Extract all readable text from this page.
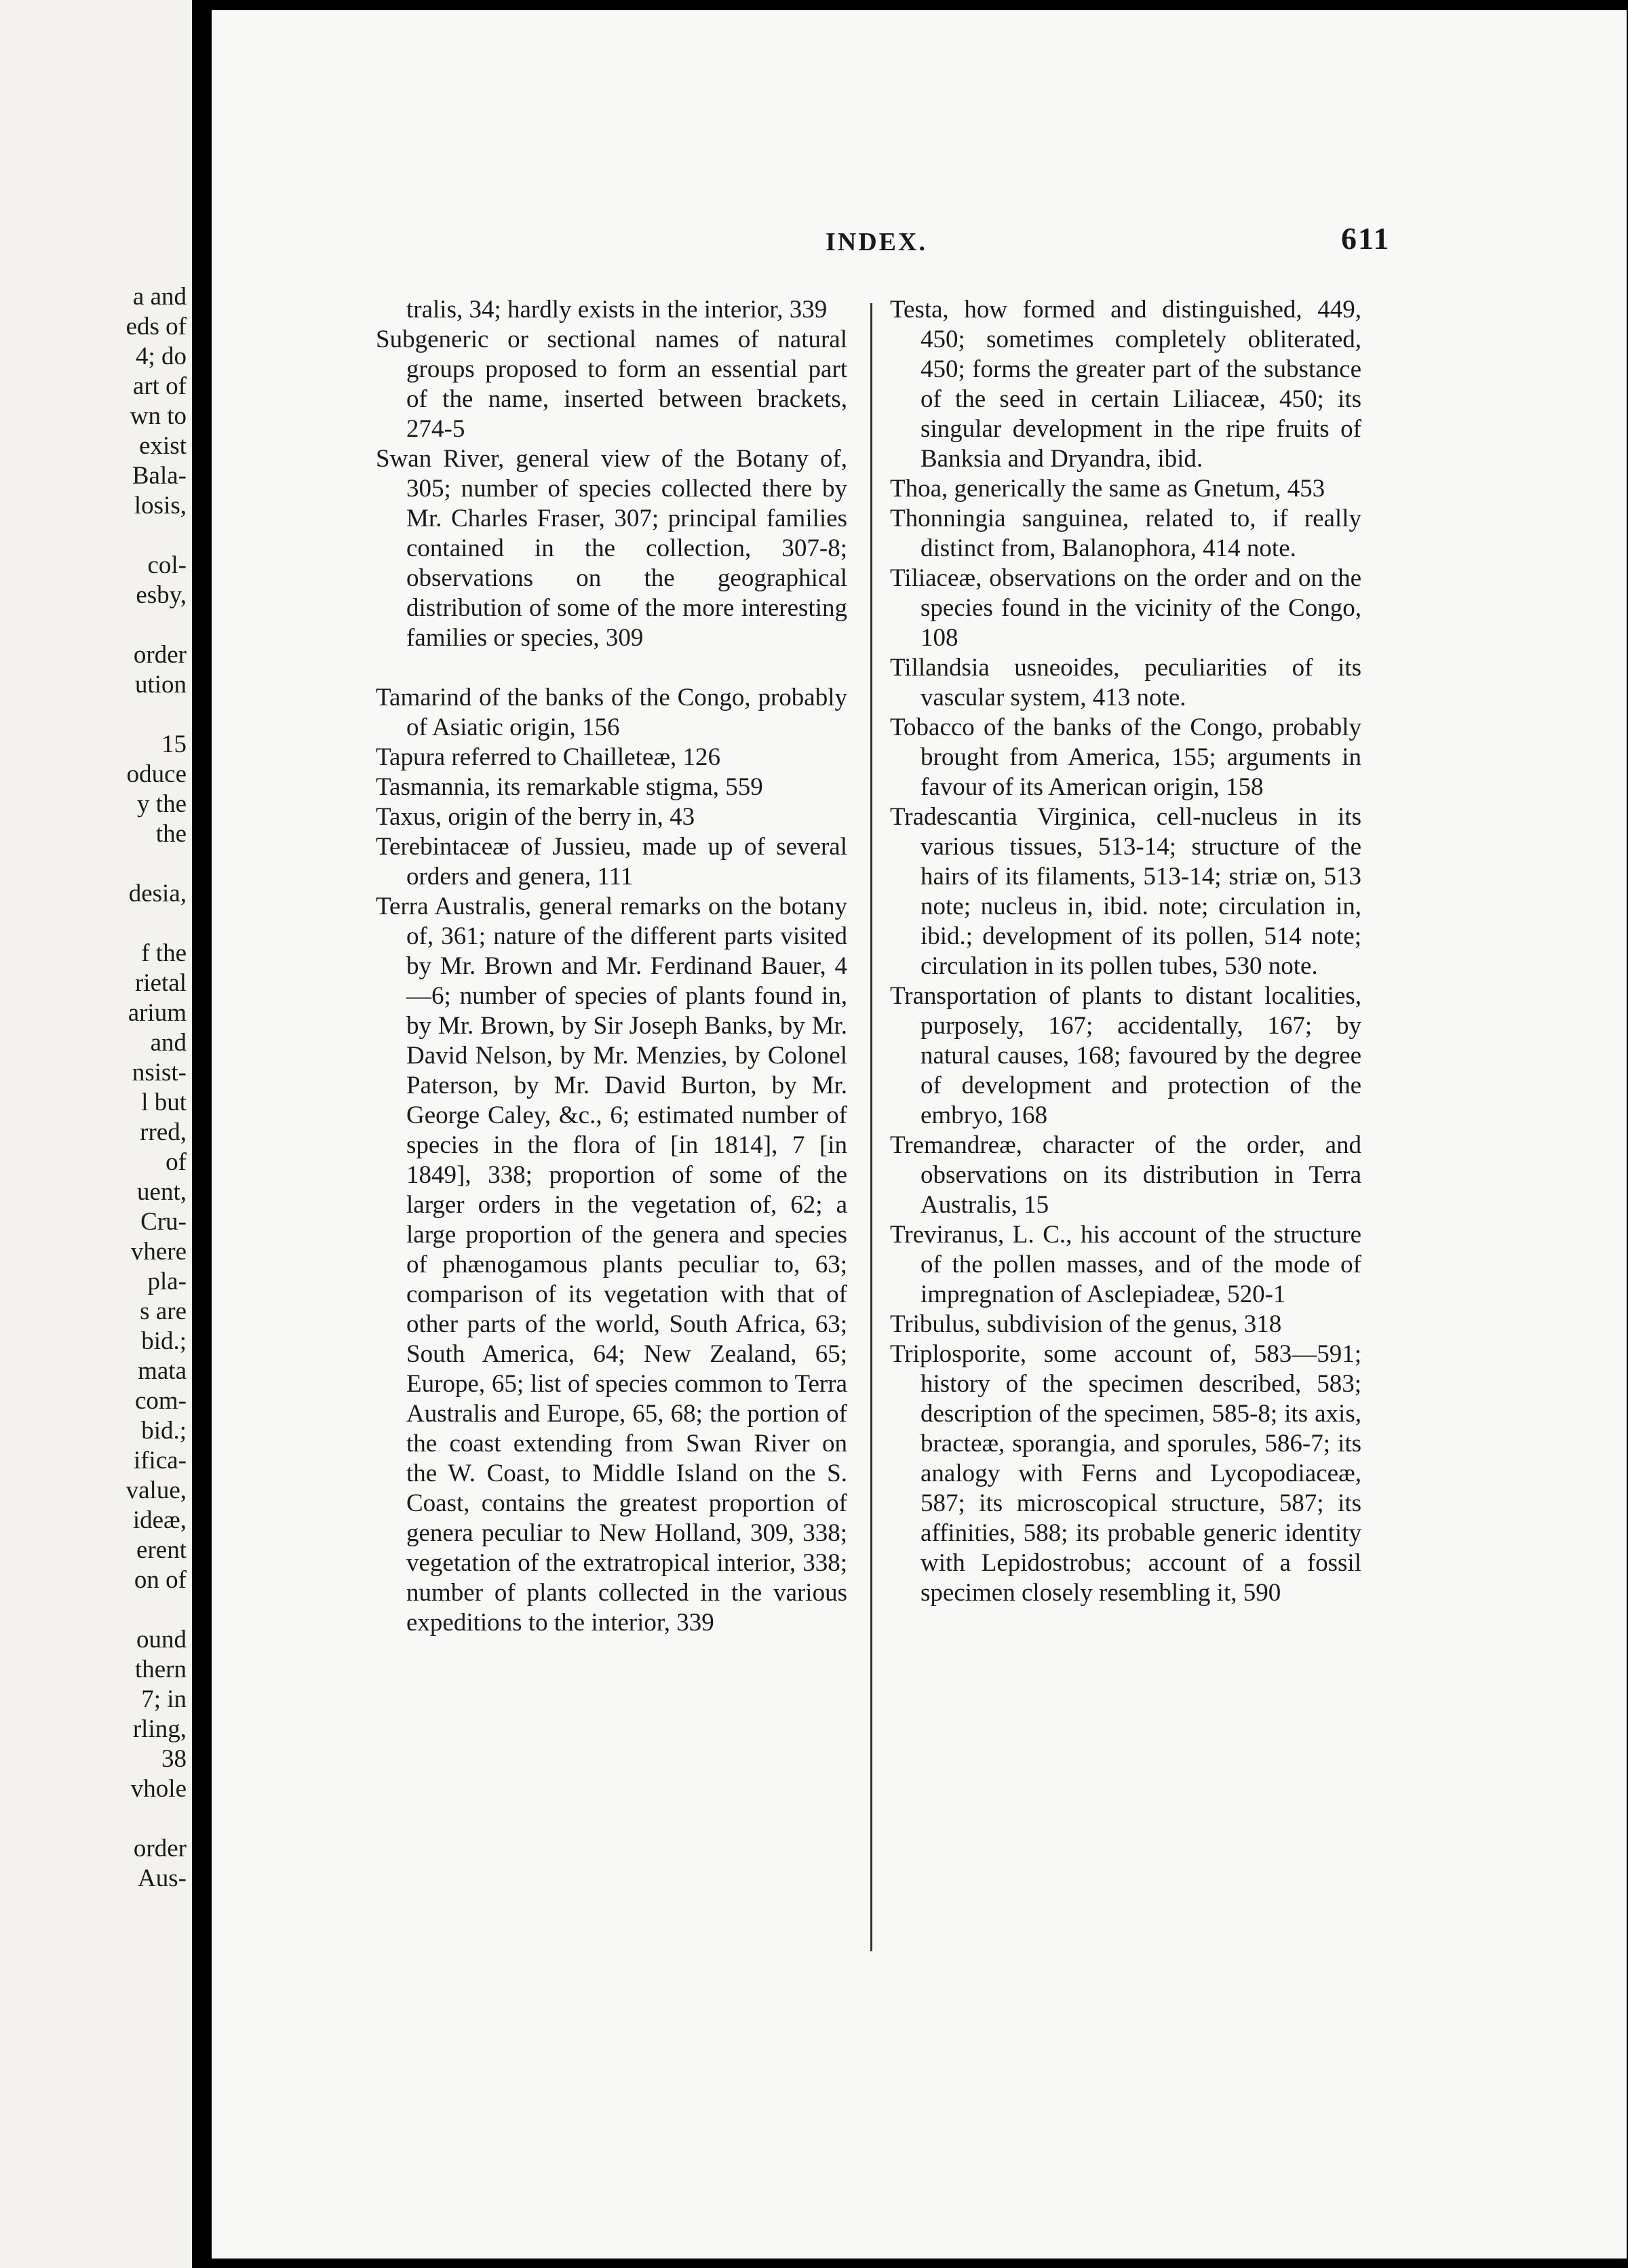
a and

eds of

4; do

art of

wn to

exist

Bala-

losis,

col-

esby,

order

ution

15

oduce

y the

the

desia,

f the

rietal

arium

and

nsist-

l but

rred,

of

uent,

Cru-

vhere

pla-

s are

bid.;

mata

com-

bid.;

ifica-

value,

ideæ,

erent

on of

ound

thern

7; in

rling,

38

vhole

order

Aus-

INDEX.	611

tralis, 34; hardly exists in the interior, 339

Subgeneric or sectional names of natural groups proposed to form an essential part of the name, inserted between brackets, 274-5

Swan River, general view of the Botany of, 305; number of species collected there by Mr. Charles Fraser, 307; principal families contained in the collection, 307-8; observations on the geographical distribution of some of the more interesting families or species, 309

Tamarind of the banks of the Congo, probably of Asiatic origin, 156

Tapura referred to Chailleteæ, 126

Tasmannia, its remarkable stigma, 559

Taxus, origin of the berry in, 43

Terebintaceæ of Jussieu, made up of several orders and genera, 111

Terra Australis, general remarks on the botany of, 361; nature of the different parts visited by Mr. Brown and Mr. Ferdinand Bauer, 4—6; number of species of plants found in, by Mr. Brown, by Sir Joseph Banks, by Mr. David Nelson, by Mr. Menzies, by Colonel Paterson, by Mr. David Burton, by Mr. George Caley, &c., 6; estimated number of species in the flora of [in 1814], 7 [in 1849], 338; proportion of some of the larger orders in the vegetation of, 62; a large proportion of the genera and species of phænogamous plants peculiar to, 63; comparison of its vegetation with that of other parts of the world, South Africa, 63; South America, 64; New Zealand, 65; Europe, 65; list of species common to Terra Australis and Europe, 65, 68; the portion of the coast extending from Swan River on the W. Coast, to Middle Island on the S. Coast, contains the greatest proportion of genera peculiar to New Holland, 309, 338; vegetation of the extratropical interior, 338; number of plants collected in the various expeditions to the interior, 339

Testa, how formed and distinguished, 449, 450; sometimes completely obliterated, 450; forms the greater part of the substance of the seed in certain Liliaceæ, 450; its singular development in the ripe fruits of Banksia and Dryandra, ibid.

Thoa, generically the same as Gnetum, 453

Thonningia sanguinea, related to, if really distinct from, Balanophora, 414 note.

Tiliaceæ, observations on the order and on the species found in the vicinity of the Congo, 108

Tillandsia usneoides, peculiarities of its vascular system, 413 note.

Tobacco of the banks of the Congo, probably brought from America, 155; arguments in favour of its American origin, 158

Tradescantia Virginica, cell-nucleus in its various tissues, 513-14; structure of the hairs of its filaments, 513-14; striæ on, 513 note; nucleus in, ibid. note; circulation in, ibid.; development of its pollen, 514 note; circulation in its pollen tubes, 530 note.

Transportation of plants to distant localities, purposely, 167; accidentally, 167; by natural causes, 168; favoured by the degree of development and protection of the embryo, 168

Tremandreæ, character of the order, and observations on its distribution in Terra Australis, 15

Treviranus, L. C., his account of the structure of the pollen masses, and of the mode of impregnation of Asclepiadeæ, 520-1

Tribulus, subdivision of the genus, 318

Triplosporite, some account of, 583—591; history of the specimen described, 583; description of the specimen, 585-8; its axis, bracteæ, sporangia, and sporules, 586-7; its analogy with Ferns and Lycopodiaceæ, 587; its microscopical structure, 587; its affinities, 588; its probable generic identity with Lepidostrobus; account of a fossil specimen closely resembling it, 590
